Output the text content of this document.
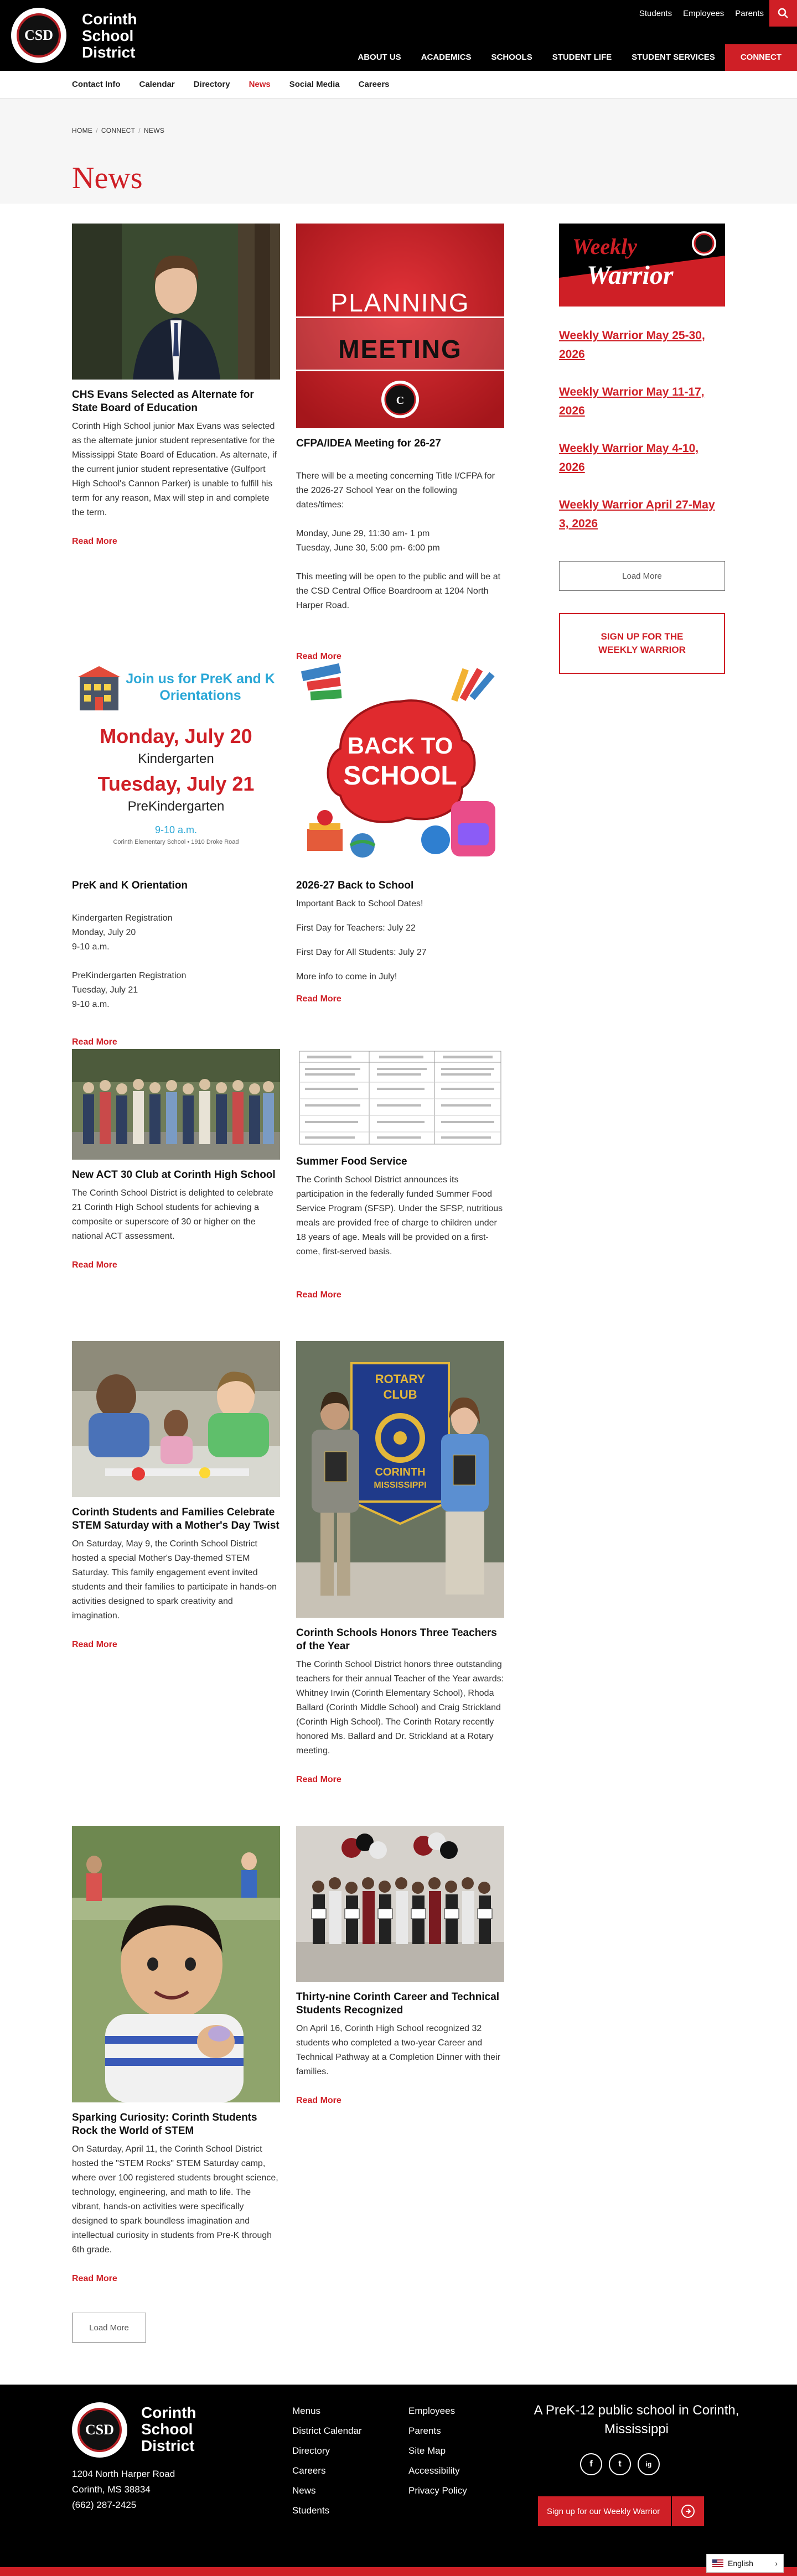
CSD
Corinth School District
Students Employees Parents
ABOUT US	ACADEMICS	SCHOOLS	STUDENT LIFE	STUDENT SERVICES	CONNECT
Contact Info Calendar Directory News Social Media Careers
HOME / CONNECT / NEWS
News
CHS Evans Selected as Alternate for State Board of Education

Corinth High School junior Max Evans was selected as the alternate junior student representative for the Mississippi State Board of Education. As alternate, if the current junior student representative (Gulfport High School's Cannon Parker) is unable to fulfill his term for any reason, Max will step in and complete the term.

Read More
C
PLANNING
MEETING
CFPA/IDEA Meeting for 26-27

There will be a meeting concerning Title I/CFPA for the 2026-27 School Year on the following dates/times:

Monday, June 29, 11:30 am- 1 pm
Tuesday, June 30, 5:00 pm- 6:00 pm

This meeting will be open to the public and will be at the CSD Central Office Boardroom at 1204 North Harper Road.

Read More
Join us for PreK and K Orientations
Monday, July 20
Kindergarten
Tuesday, July 21
PreKindergarten
9-10 a.m.
Corinth Elementary School • 1910 Droke Road
PreK and K Orientation

Kindergarten Registration
Monday, July 20
9-10 a.m.

PreKindergarten Registration
Tuesday, July 21
9-10 a.m.

Read More
BACK TO
SCHOOL
2026-27 Back to School

Important Back to School Dates!

First Day for Teachers: July 22

First Day for All Students: July 27

More info to come in July!

Read More
New ACT 30 Club at Corinth High School

The Corinth School District is delighted to celebrate 21 Corinth High School students for achieving a composite or superscore of 30 or higher on the national ACT assessment.

Read More
Summer Food Service

The Corinth School District announces its participation in the federally funded Summer Food Service Program (SFSP). Under the SFSP, nutritious meals are provided free of charge to children under 18 years of age. Meals will be provided on a first-come, first-served basis.

Read More
Corinth Students and Families Celebrate STEM Saturday with a Mother's Day Twist

On Saturday, May 9, the Corinth School District hosted a special Mother's Day-themed STEM Saturday. This family engagement event invited students and their families to participate in hands-on activities designed to spark creativity and imagination.

Read More
ROTARY
CLUB
CORINTH
MISSISSIPPI
Corinth Schools Honors Three Teachers of the Year

The Corinth School District honors three outstanding teachers for their annual Teacher of the Year awards: Whitney Irwin (Corinth Elementary School), Rhoda Ballard (Corinth Middle School) and Craig Strickland (Corinth High School). The Corinth Rotary recently honored Ms. Ballard and Dr. Strickland at a Rotary meeting.

Read More
Sparking Curiosity: Corinth Students Rock the World of STEM

On Saturday, April 11, the Corinth School District hosted the "STEM Rocks" STEM Saturday camp, where over 100 registered students brought science, technology, engineering, and math to life. The vibrant, hands-on activities were specifically designed to spark boundless imagination and intellectual curiosity in students from Pre-K through 6th grade.

Read More
Thirty-nine Corinth Career and Technical Students Recognized

On April 16, Corinth High School recognized 32 students who completed a two-year Career and Technical Pathway at a Completion Dinner with their families.

Read More
Load More
Weekly
Warrior
Weekly Warrior May 25-30, 2026
Weekly Warrior May 11-17, 2026
Weekly Warrior May 4-10, 2026
Weekly Warrior April 27-May 3, 2026
Load More
SIGN UP FOR THE WEEKLY WARRIOR
CSD
Corinth School District
1204 North Harper Road
Corinth, MS 38834
(662) 287-2425
Menus
District Calendar
Directory
Careers
News
Students
Employees
Parents
Site Map
Accessibility
Privacy Policy
A PreK-12 public school in Corinth, Mississippi
f	t	ig
Sign up for our Weekly Warrior
English	›
